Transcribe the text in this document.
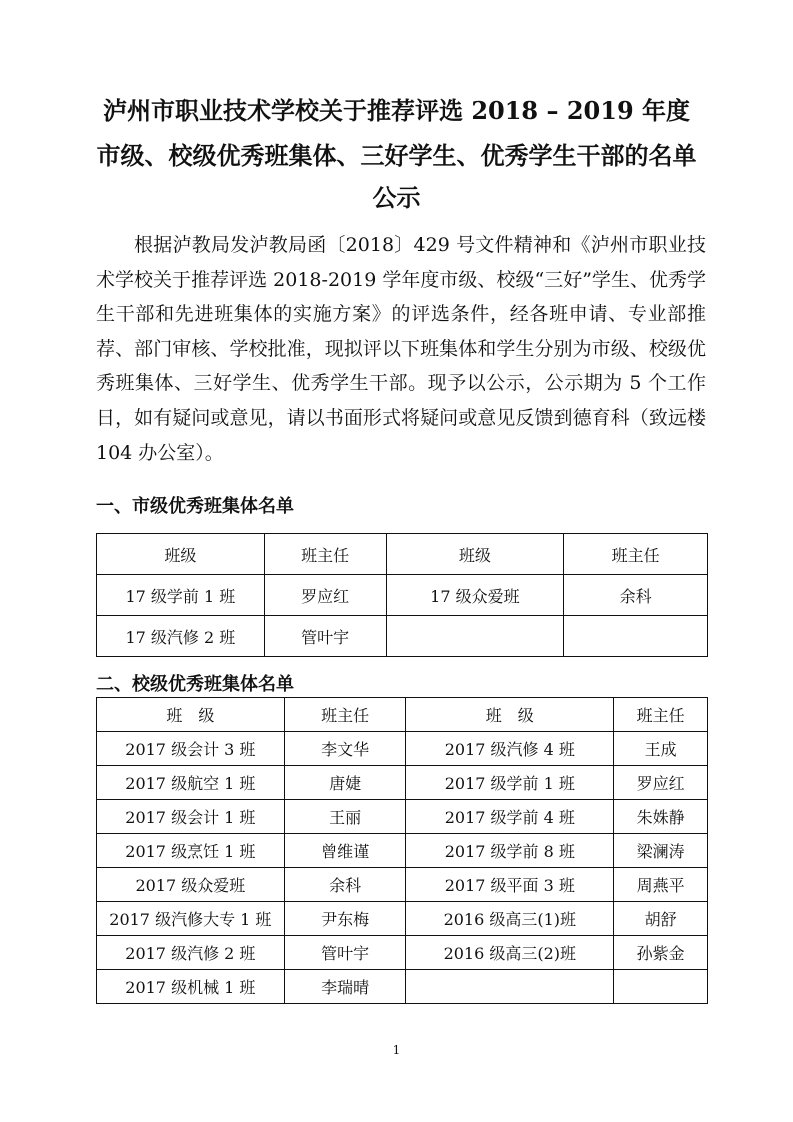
泸州市职业技术学校关于推荐评选 2018 – 2019 年度
市级、校级优秀班集体、三好学生、优秀学生干部的名单
公示

根据泸教局发泸教局函〔2018〕429 号文件精神和《泸州市职业技术学校关于推荐评选 2018-2019 学年度市级、校级“三好”学生、优秀学生干部和先进班集体的实施方案》的评选条件，经各班申请、专业部推荐、部门审核、学校批准，现拟评以下班集体和学生分别为市级、校级优秀班集体、三好学生、优秀学生干部。现予以公示，公示期为 5 个工作日，如有疑问或意见，请以书面形式将疑问或意见反馈到德育科（致远楼 104 办公室）。

一、市级优秀班集体名单
班级	班主任	班级	班主任
17 级学前 1 班	罗应红	17 级众爱班	余科
17 级汽修 2 班	管叶宇		
二、校级优秀班集体名单
班　级	班主任	班　级	班主任
2017 级会计 3 班	李文华	2017 级汽修 4 班	王成
2017 级航空 1 班	唐婕	2017 级学前 1 班	罗应红
2017 级会计 1 班	王丽	2017 级学前 4 班	朱姝静
2017 级烹饪 1 班	曾维谨	2017 级学前 8 班	梁澜涛
2017 级众爱班	余科	2017 级平面 3 班	周燕平
2017 级汽修大专 1 班	尹东梅	2016 级高三(1)班	胡舒
2017 级汽修 2 班	管叶宇	2016 级高三(2)班	孙紫金
2017 级机械 1 班	李瑞晴		
1
